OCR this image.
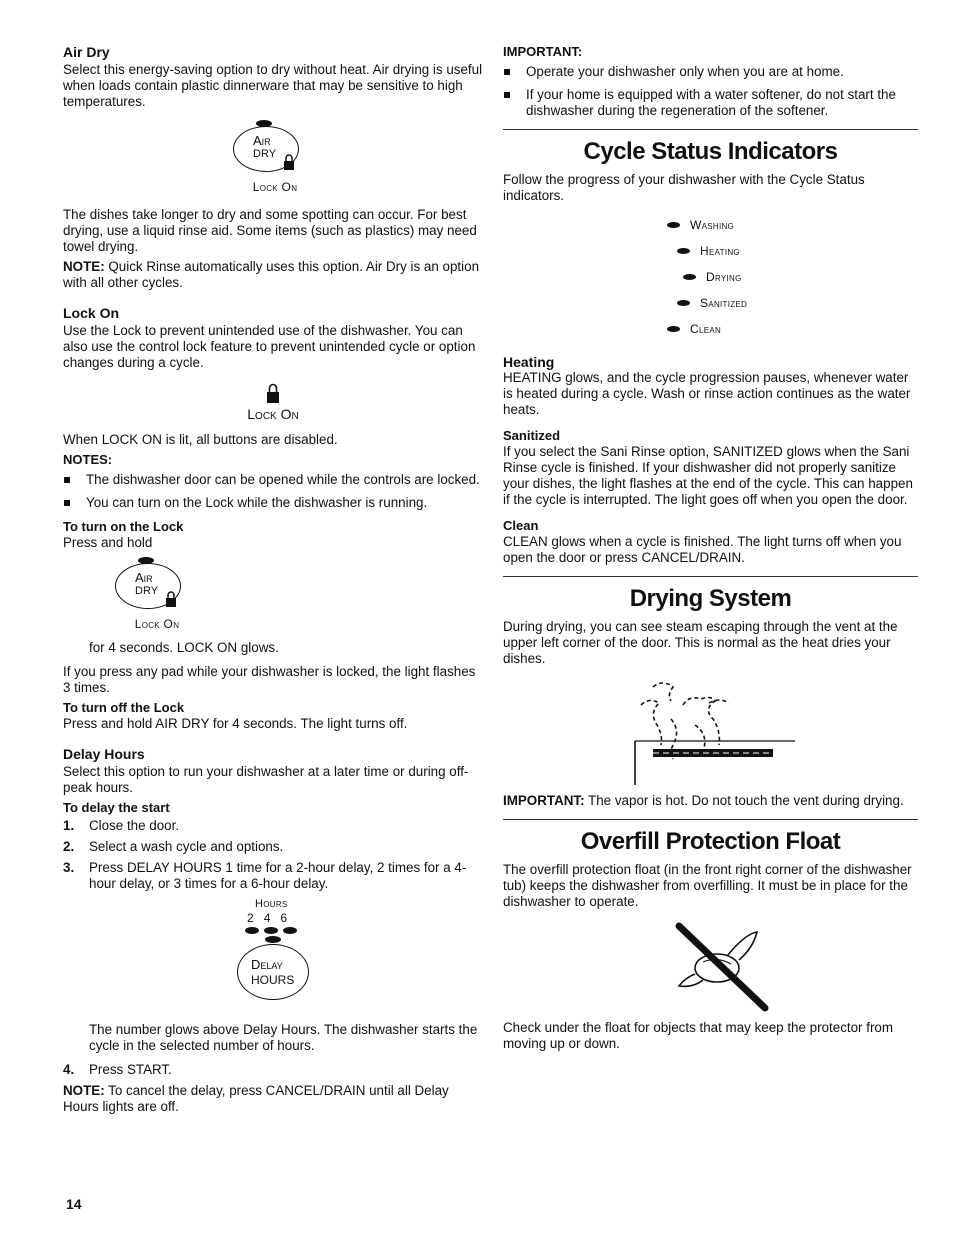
Air Dry

Select this energy-saving option to dry without heat. Air drying is useful when loads contain plastic dinnerware that may be sensitive to high temperatures.

Air
DRY
Lock On

The dishes take longer to dry and some spotting can occur. For best drying, use a liquid rinse aid. Some items (such as plastics) may need towel drying.

NOTE: Quick Rinse automatically uses this option. Air Dry is an option with all other cycles.

Lock On

Use the Lock to prevent unintended use of the dishwasher. You can also use the control lock feature to prevent unintended cycle or option changes during a cycle.

Lock On

When LOCK ON is lit, all buttons are disabled.

NOTES:
The dishwasher door can be opened while the controls are locked.
You can turn on the Lock while the dishwasher is running.
To turn on the Lock

Press and hold

Air
DRY
Lock On

for 4 seconds. LOCK ON glows.

If you press any pad while your dishwasher is locked, the light flashes 3 times.

To turn off the Lock

Press and hold AIR DRY for 4 seconds. The light turns off.

Delay Hours

Select this option to run your dishwasher at a later time or during off-peak hours.

To delay the start
1. Close the door.
2. Select a wash cycle and options.
3. Press DELAY HOURS 1 time for a 2-hour delay, 2 times for a 4-hour delay, or 3 times for a 6-hour delay.
Hours
2 4 6
Delay
HOURS

The number glows above Delay Hours. The dishwasher starts the cycle in the selected number of hours.

4. Press START.

NOTE: To cancel the delay, press CANCEL/DRAIN until all Delay Hours lights are off.

IMPORTANT:
Operate your dishwasher only when you are at home.
If your home is equipped with a water softener, do not start the dishwasher during the regeneration of the softener.
Cycle Status Indicators

Follow the progress of your dishwasher with the Cycle Status indicators.

Washing
Heating
Drying
Sanitized
Clean
Heating

HEATING glows, and the cycle progression pauses, whenever water is heated during a cycle. Wash or rinse action continues as the water heats.

Sanitized

If you select the Sani Rinse option, SANITIZED glows when the Sani Rinse cycle is finished. If your dishwasher did not properly sanitize your dishes, the light flashes at the end of the cycle. This can happen if the cycle is interrupted. The light goes off when you open the door.

Clean

CLEAN glows when a cycle is finished. The light turns off when you open the door or press CANCEL/DRAIN.

Drying System

During drying, you can see steam escaping through the vent at the upper left corner of the door. This is normal as the heat dries your dishes.

IMPORTANT: The vapor is hot. Do not touch the vent during drying.

Overfill Protection Float

The overfill protection float (in the front right corner of the dishwasher tub) keeps the dishwasher from overfilling. It must be in place for the dishwasher to operate.

Check under the float for objects that may keep the protector from moving up or down.

14
